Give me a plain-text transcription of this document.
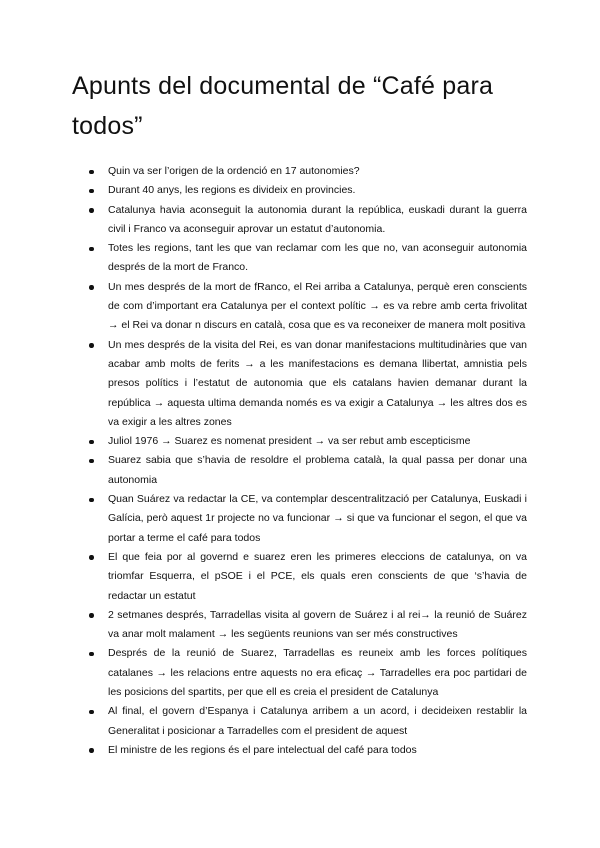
Apunts del documental de “Café para todos”
Quin va ser l’origen de la ordenció en 17 autonomies?
Durant 40 anys, les regions es divideix en provincies.
Catalunya havia aconseguit la autonomia durant la república, euskadi durant la guerra civil i Franco va aconseguir aprovar un estatut d’autonomia.
Totes les regions, tant les que van reclamar com les que no, van aconseguir autonomia després de la mort de Franco.
Un mes després de la mort de fRanco, el Rei arriba a Catalunya, perquè eren conscients de com d’important era Catalunya per el context polític → es va rebre amb certa frivolitat → el Rei va donar n discurs en català, cosa que es va reconeixer de manera molt positiva
Un mes després de la visita del Rei, es van donar manifestacions multitudinàries que van acabar amb molts de ferits → a les manifestacions es demana llibertat, amnistia pels presos polítics i l’estatut de autonomia que els catalans havien demanar durant la república → aquesta ultima demanda només es va exigir a Catalunya → les altres dos es va exigir a les altres zones
Juliol 1976 → Suarez es nomenat president → va ser rebut amb escepticisme
Suarez sabia que s’havia de resoldre el problema català, la qual passa per donar una autonomia
Quan Suárez va redactar la CE, va contemplar descentralització per Catalunya, Euskadi i Galícia, però aquest 1r projecte no va funcionar → si que va funcionar el segon, el que va portar a terme el café para todos
El que feia por al governd e suarez eren les primeres eleccions de catalunya, on va triomfar Esquerra, el pSOE i el PCE, els quals eren conscients de que ‘s’havia de redactar un estatut
2 setmanes després, Tarradellas visita al govern de Suárez i al rei→ la reunió de Suárez va anar molt malament → les següents reunions van ser més constructives
Després de la reunió de Suarez, Tarradellas es reuneix amb les forces polítiques catalanes → les relacions entre aquests no era eficaç → Tarradelles era poc partidari de les posicions del spartits, per que ell es creia el president de Catalunya
Al final, el govern d’Espanya i Catalunya arribem a un acord, i decideixen restablir la Generalitat i posicionar a Tarradelles com el president de aquest
El ministre de les regions és el pare intelectual del café para todos
